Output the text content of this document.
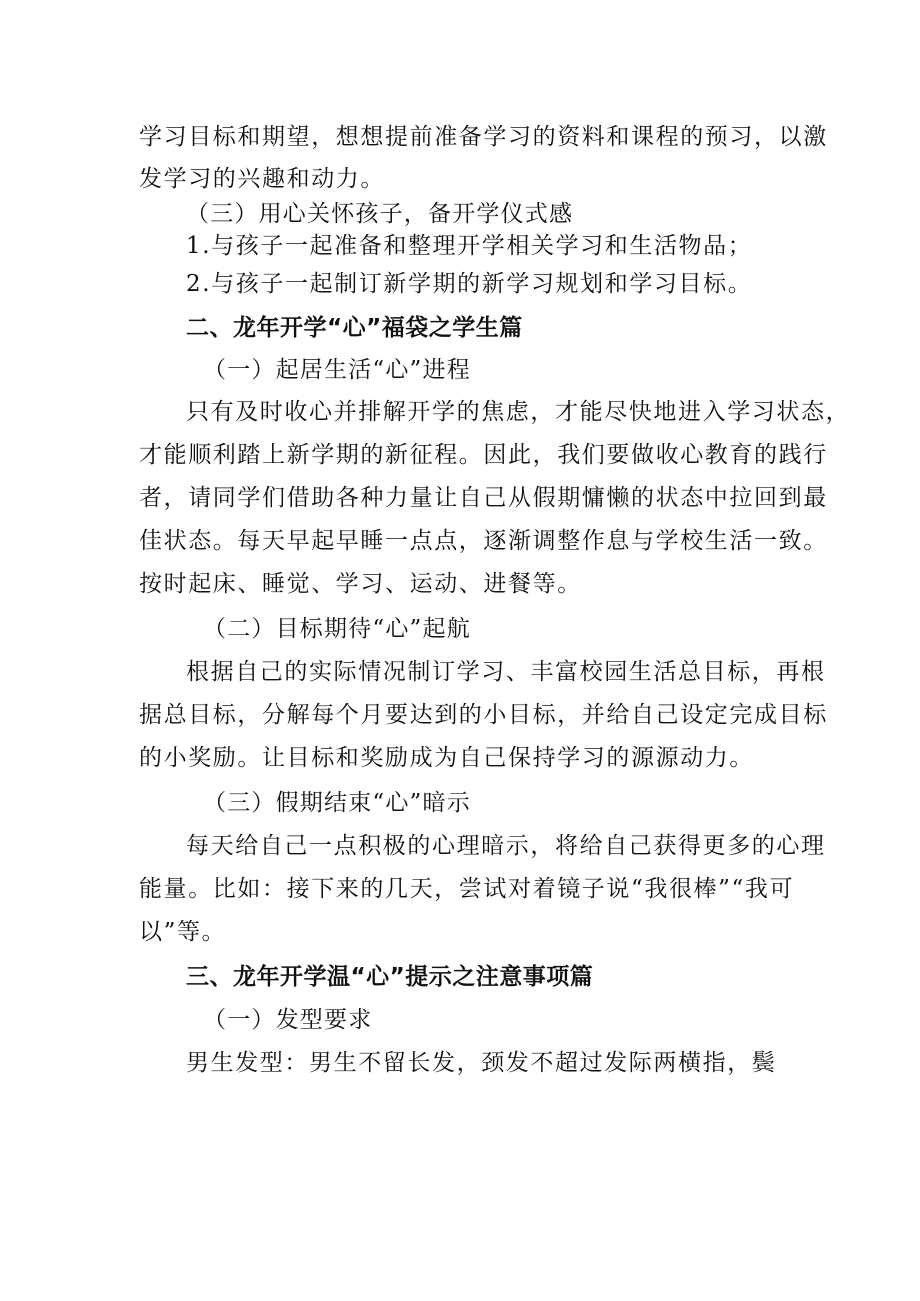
学习目标和期望，想想提前准备学习的资料和课程的预习，以激
发学习的兴趣和动力。
（三）用心关怀孩子，备开学仪式感
1.与孩子一起准备和整理开学相关学习和生活物品；
2.与孩子一起制订新学期的新学习规划和学习目标。
二、龙年开学“心”福袋之学生篇
（一）起居生活“心”进程
只有及时收心并排解开学的焦虑，才能尽快地进入学习状态，
才能顺利踏上新学期的新征程。因此，我们要做收心教育的践行
者，请同学们借助各种力量让自己从假期慵懒的状态中拉回到最
佳状态。每天早起早睡一点点，逐渐调整作息与学校生活一致。
按时起床、睡觉、学习、运动、进餐等。
（二）目标期待“心”起航
根据自己的实际情况制订学习、丰富校园生活总目标，再根
据总目标，分解每个月要达到的小目标，并给自己设定完成目标
的小奖励。让目标和奖励成为自己保持学习的源源动力。
（三）假期结束“心”暗示
每天给自己一点积极的心理暗示，将给自己获得更多的心理
能量。比如：接下来的几天，尝试对着镜子说“我很棒”“我可
以”等。
三、龙年开学温“心”提示之注意事项篇
（一）发型要求
男生发型：男生不留长发，颈发不超过发际两横指，鬓
